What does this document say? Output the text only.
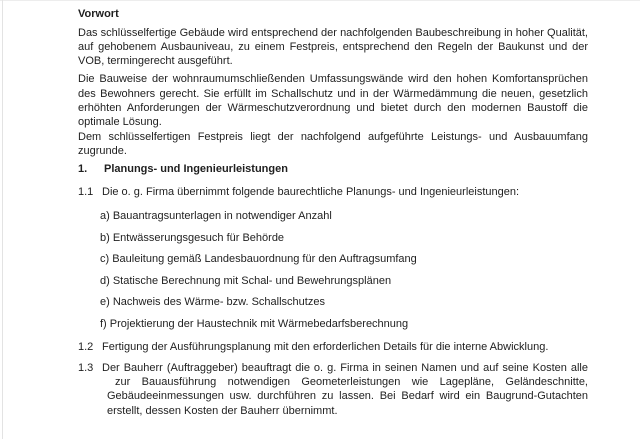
Vorwort
Das schlüsselfertige Gebäude wird entsprechend der nachfolgenden Baubeschreibung in hoher Qualität,
auf gehobenem Ausbauniveau, zu einem Festpreis, entsprechend den Regeln der Baukunst und der
VOB, termingerecht ausgeführt.
Die Bauweise der wohnraumumschließenden Umfassungswände wird den hohen Komfortansprüchen
des Bewohners gerecht. Sie erfüllt im Schallschutz und in der Wärmedämmung die neuen, gesetzlich
erhöhten Anforderungen der Wärmeschutzverordnung und bietet durch den modernen Baustoff die
optimale Lösung.
Dem schlüsselfertigen Festpreis liegt der nachfolgend aufgeführte Leistungs- und Ausbauumfang
zugrunde.
1.	Planungs- und Ingenieurleistungen
1.1 Die o. g. Firma übernimmt folgende baurechtliche Planungs- und Ingenieurleistungen:
a) Bauantragsunterlagen in notwendiger Anzahl
b) Entwässerungsgesuch für Behörde
c) Bauleitung gemäß Landesbauordnung für den Auftragsumfang
d) Statische Berechnung mit Schal- und Bewehrungsplänen
e) Nachweis des Wärme- bzw. Schallschutzes
f) Projektierung der Haustechnik mit Wärmebedarfsberechnung
1.2 Fertigung der Ausführungsplanung mit den erforderlichen Details für die interne Abwicklung.
1.3 Der Bauherr (Auftraggeber) beauftragt die o. g. Firma in seinen Namen und auf seine Kosten alle
zur Bauausführung notwendigen Geometerleistungen wie Lagepläne, Geländeschnitte,
Gebäudeeinmessungen usw. durchführen zu lassen. Bei Bedarf wird ein Baugrund-Gutachten
erstellt, dessen Kosten der Bauherr übernimmt.
